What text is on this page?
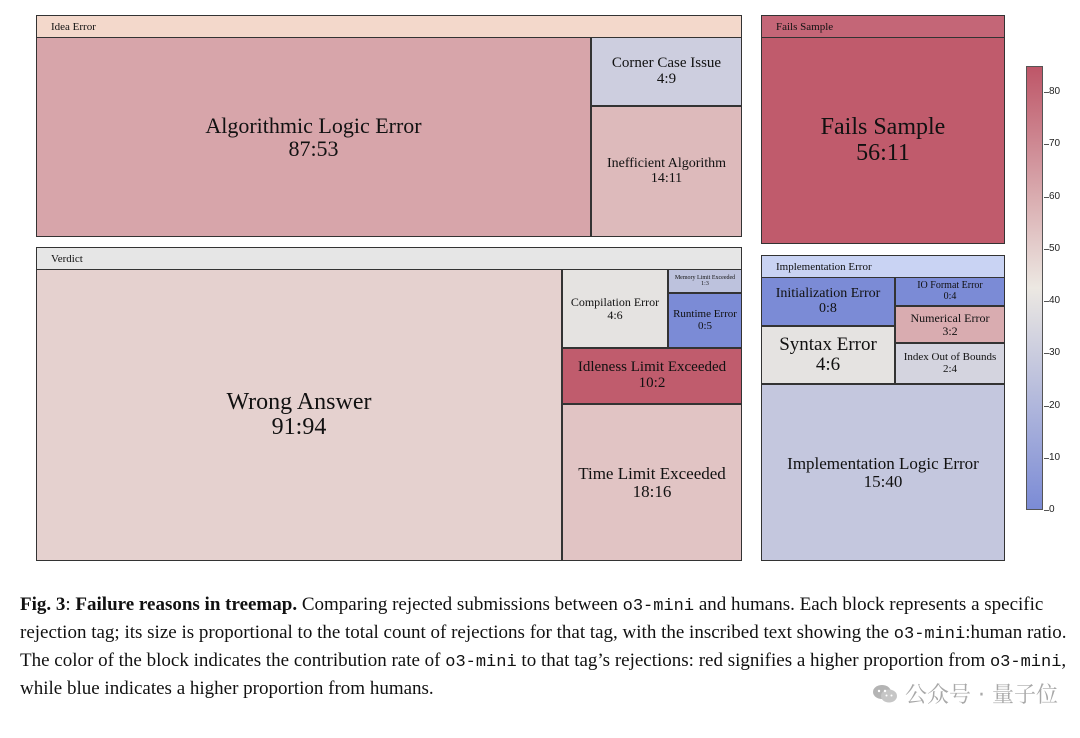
Idea Error
Algorithmic Logic Error
87:53
Corner Case Issue
4:9
Inefficient Algorithm
14:11
Fails Sample
Fails Sample
56:11
Verdict
Wrong Answer
91:94
Compilation Error
4:6
Memory Limit Exceeded
1:3
Runtime Error
0:5
Idleness Limit Exceeded
10:2
Time Limit Exceeded
18:16
Implementation Error
Initialization Error
0:8
IO Format Error
0:4
Numerical Error
3:2
Syntax Error
4:6	Index Out of Bounds
2:4
Implementation Logic Error
15:40
Fig. 3: Failure reasons in treemap. Comparing rejected submissions between o3-mini and humans. Each block represents a specific rejection tag; its size is proportional to the total count of rejections for that tag, with the inscribed text showing the o3-mini:human ratio. The color of the block indicates the contribution rate of o3-mini to that tag’s rejections: red signifies a higher proportion from o3-mini, while blue indicates a higher proportion from humans.	公众号 · 量子位
0
10
20
30
40
50
60
70
80
